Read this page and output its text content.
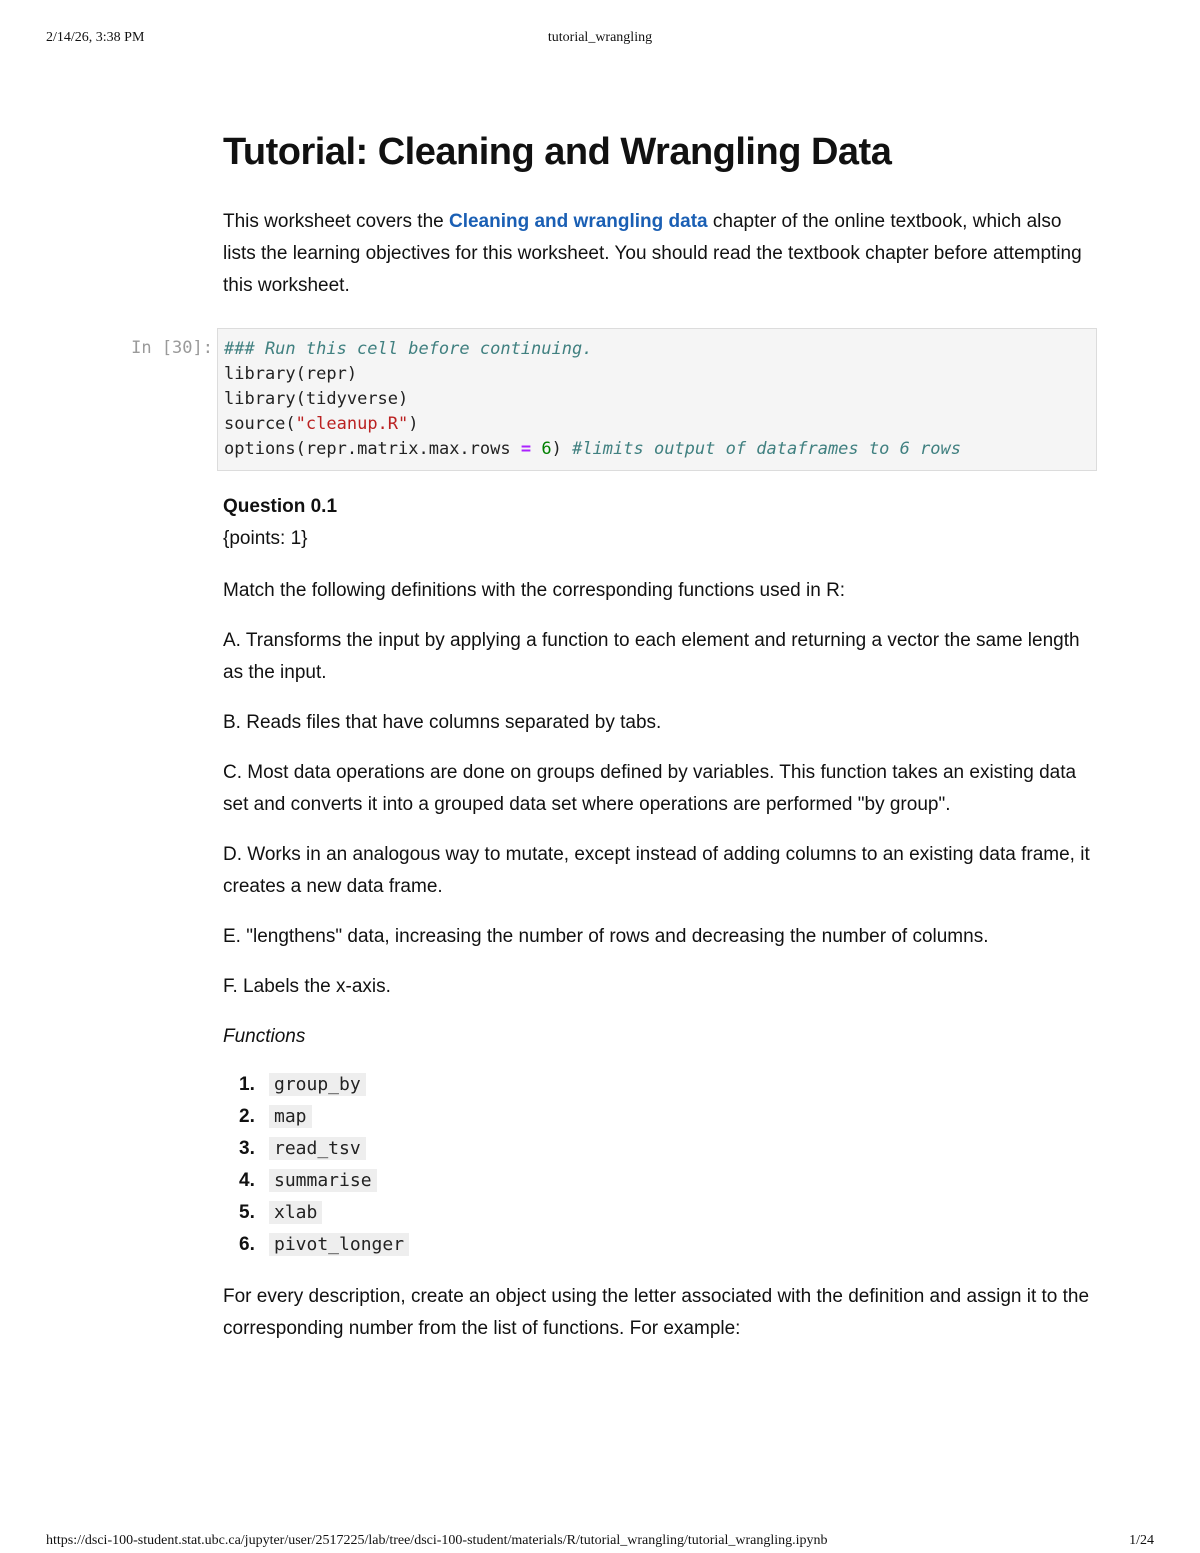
2/14/26, 3:38 PM	tutorial_wrangling
Tutorial: Cleaning and Wrangling Data

This worksheet covers the Cleaning and wrangling data chapter of the online textbook, which also lists the learning objectives for this worksheet. You should read the textbook chapter before attempting this worksheet.

In [30]: ### Run this cell before continuing.
library(repr)
library(tidyverse)
source("cleanup.R")
options(repr.matrix.max.rows = 6) #limits output of dataframes to 6 rows

Question 0.1

{points: 1}

Match the following definitions with the corresponding functions used in R:

A. Transforms the input by applying a function to each element and returning a vector the same length as the input.

B. Reads files that have columns separated by tabs.

C. Most data operations are done on groups defined by variables. This function takes an existing data set and converts it into a grouped data set where operations are performed "by group".

D. Works in an analogous way to mutate, except instead of adding columns to an existing data frame, it creates a new data frame.

E. "lengthens" data, increasing the number of rows and decreasing the number of columns.

F. Labels the x-axis.

Functions

1. group_by
2. map
3. read_tsv
4. summarise
5. xlab
6. pivot_longer

For every description, create an object using the letter associated with the definition and assign it to the corresponding number from the list of functions. For example:

https://dsci-100-student.stat.ubc.ca/jupyter/user/2517225/lab/tree/dsci-100-student/materials/R/tutorial_wrangling/tutorial_wrangling.ipynb	1/24
